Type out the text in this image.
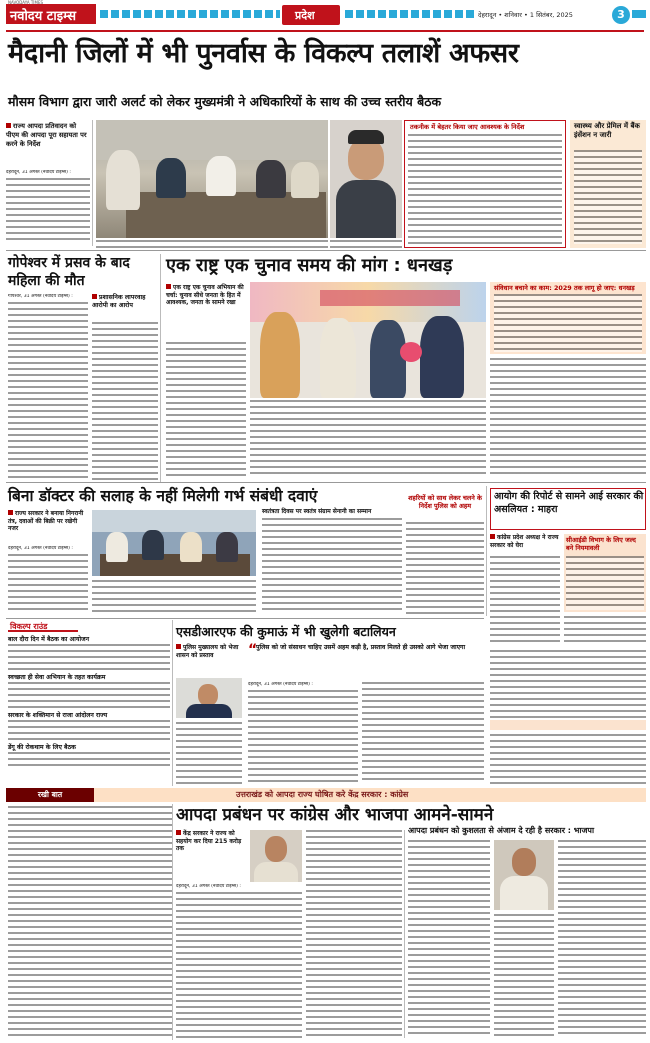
नवोदय टाइम्स
NAVODAYA TIMES
प्रदेश	देहरादून • शनिवार • 1 सितंबर, 2025	3
मैदानी जिलों में भी पुनर्वास के विकल्प तलाशें अफसर
मौसम विभाग द्वारा जारी अलर्ट को लेकर मुख्यमंत्री ने अधिकारियों के साथ की उच्च स्तरीय बैठक
राज्य आपदा प्रतिवादन को पीएम की आपदा पूरा सहायता पर करने के निर्देश
देहरादून, 31 अगस्त (नवोदय टाइम्स) :
तकनीक में बेहतर किया जाए आवश्यक के निर्देश	स्वास्थ्य और प्रेमिल में बैंक इंसेंशन न जारी
गोपेश्वर में प्रसव के बाद महिला की मौत
गोपेश्वर, 31 अगस्त (नवोदय टाइम्स) :	प्रशासनिक लापरवाह आरोपी का आरोप
एक राष्ट्र एक चुनाव समय की मांग : धनखड़
एक राष्ट्र एक चुनाव अभियान की चर्चा: चुनाव सीधे जनता के हित में आवश्यक, जनता के सामने रखा
संविधान बचाने का काम: 2029 तक लागू हो जाए: धनखड़
बिना डॉक्टर की सलाह के नहीं मिलेगी गर्भ संबंधी दवाएं
राज्य सरकार ने बनाया निगरानी तंत्र, दवाओं की बिक्री पर रखेगी नजर
देहरादून, 31 अगस्त (नवोदय टाइम्स) :
स्वतंत्रता दिवस पर स्वतंत्र संग्राम सेनानी का सम्मान
शहरियों को साथ लेकर चलने के निर्देश पुलिस को अहम
आयोग की रिपोर्ट से सामने आई सरकार की असलियत : माहरा
कांग्रेस प्रदेश अध्यक्ष ने राज्य सरकार को घेरा
सीआईडी विभाग के लिए जल्द बने नियमावली
विकल्प राउंड
बाल दौरा दिन में बैठक का आयोजन
स्वच्छता ही सेवा अभियान के तहत कार्यक्रम
सरकार के शक्तिमान से राजा आंदोलन राज्य
डेंगू की रोकथाम के लिए बैठक
एसडीआरएफ की कुमाऊं में भी खुलेगी बटालियन
पुलिस मुख्यालय को भेजा शासन को प्रस्ताव	“
पुलिस को जो संसाधन चाहिए उसमें अहम कड़ी है, प्रस्ताव मिलते ही उसको आगे भेजा जाएगा
देहरादून, 31 अगस्त (नवोदय टाइम्स) :
रखी बात	उत्तराखंड को आपदा राज्य घोषित करे केंद्र सरकार : कांग्रेस
आपदा प्रबंधन पर कांग्रेस और भाजपा आमने-सामने
केंद्र सरकार ने राज्य को सहयोग कर दिया 215 करोड़ तक
देहरादून, 31 अगस्त (नवोदय टाइम्स) :
आपदा प्रबंधन को कुशलता से अंजाम दे रही है सरकार : भाजपा
